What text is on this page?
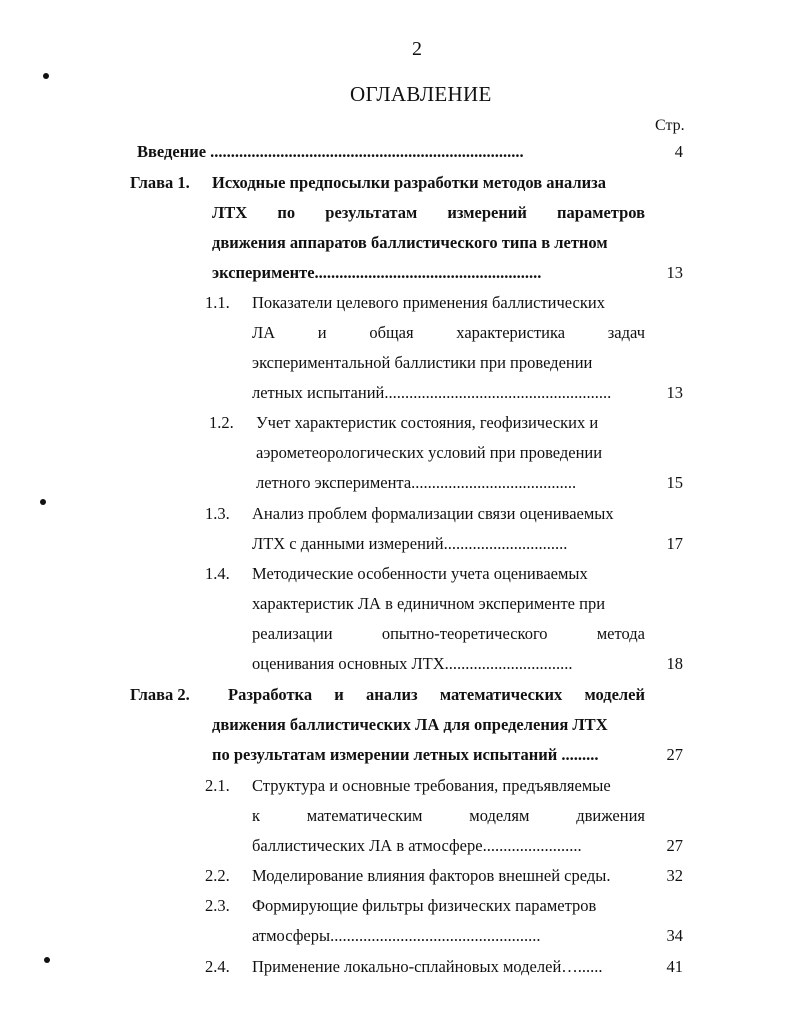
2
ОГЛАВЛЕНИЕ
Стр.
Введение ............................................................................	4
Глава 1. Исходные предпосылки разработки методов анализа
ЛТХ по результатам измерений параметров
движения аппаратов баллистического типа в летном
эксперименте.......................................................	13
1.1. Показатели целевого применения баллистических
ЛА и общая характеристика задач
экспериментальной баллистики при проведении
летных испытаний.......................................................	13
1.2. Учет характеристик состояния, геофизических и
аэрометеорологических условий при проведении
летного эксперимента........................................	15
1.3. Анализ проблем формализации связи оцениваемых
ЛТХ с данными измерений..............................	17
1.4. Методические особенности учета оцениваемых
характеристик ЛА в единичном эксперименте при
реализации опытно-теоретического метода
оценивания основных ЛТХ...............................	18
Глава 2. Разработка и анализ математических моделей
движения баллистических ЛА для определения ЛТХ
по результатам измерении летных испытаний .........	27
2.1. Структура и основные требования, предъявляемые
к математическим моделям движения
баллистических ЛА в атмосфере........................	27
2.2. Моделирование влияния факторов внешней среды.	32
2.3. Формирующие фильтры физических параметров
атмосферы...................................................	34
2.4. Применение локально-сплайновых моделей…......	41
